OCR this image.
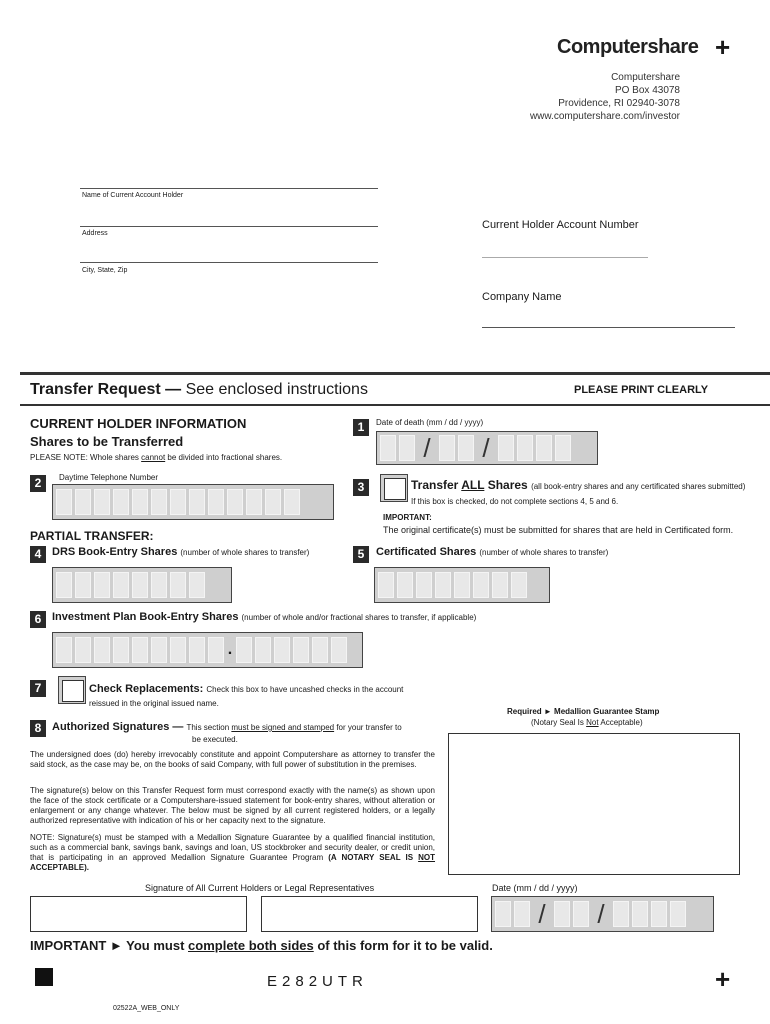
Computershare +
Computershare
PO Box 43078
Providence, RI 02940-3078
www.computershare.com/investor
Name of Current Account Holder
Address
City, State, Zip
Current Holder Account Number
Company Name
Transfer Request — See enclosed instructions	PLEASE PRINT CLEARLY
CURRENT HOLDER INFORMATION
Shares to be Transferred
PLEASE NOTE: Whole shares cannot be divided into fractional shares.
1	Date of death (mm / dd / yyyy)
/ /
2	Daytime Telephone Number
3	Transfer ALL Shares (all book-entry shares and any certificated shares submitted)
If this box is checked, do not complete sections 4, 5 and 6.
IMPORTANT:
The original certificate(s) must be submitted for shares that are held in Certificated form.
PARTIAL TRANSFER:
4 DRS Book-Entry Shares (number of whole shares to transfer)	5	Certificated Shares (number of whole shares to transfer)
6 Investment Plan Book-Entry Shares (number of whole and/or fractional shares to transfer, if applicable)
.
7	Check Replacements: Check this box to have uncashed checks in the account
reissued in the original issued name.
Required ► Medallion Guarantee Stamp
(Notary Seal Is Not Acceptable)
8 Authorized Signatures — This section must be signed and stamped for your transfer to
be executed.
The undersigned does (do) hereby irrevocably constitute and appoint Computershare as attorney to transfer the said stock, as the case may be, on the books of said Company, with full power of substitution in the premises.
The signature(s) below on this Transfer Request form must correspond exactly with the name(s) as shown upon the face of the stock certificate or a Computershare-issued statement for book-entry shares, without alteration or enlargement or any change whatever. The below must be signed by all current registered holders, or a legally authorized representative with indication of his or her capacity next to the signature.
NOTE: Signature(s) must be stamped with a Medallion Signature Guarantee by a qualified financial institution, such as a commercial bank, savings bank, savings and loan, US stockbroker and security dealer, or credit union, that is participating in an approved Medallion Signature Guarantee Program (A NOTARY SEAL IS NOT ACCEPTABLE).
Signature of All Current Holders or Legal Representatives	Date (mm / dd / yyyy)
/ /
IMPORTANT ► You must complete both sides of this form for it to be valid.
E282UTR	+
02522A_WEB_ONLY
